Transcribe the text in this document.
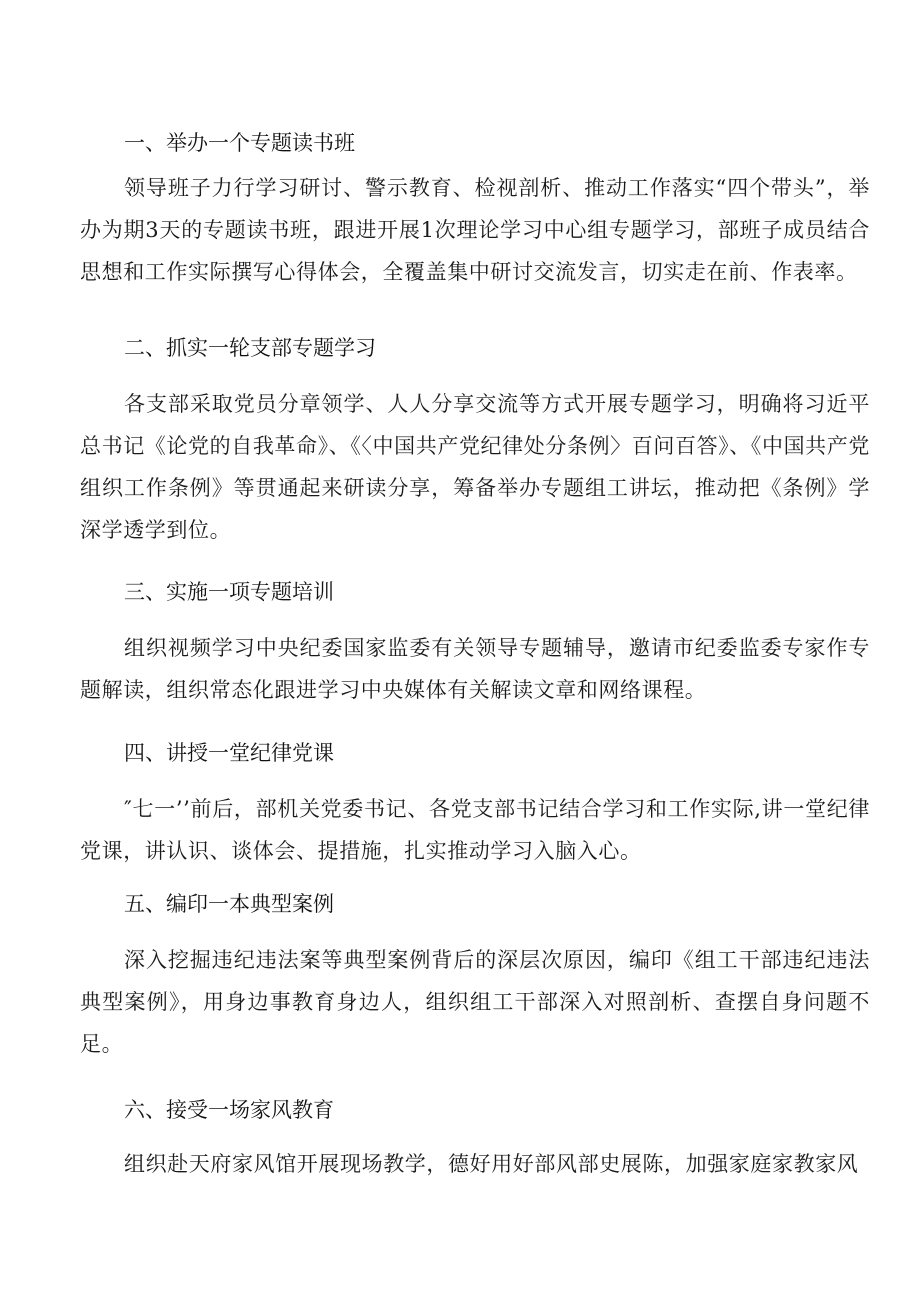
一、举办一个专题读书班

领导班子力行学习研讨、警示教育、检视剖析、推动工作落实“四个带头”，举办为期3天的专题读书班，跟进开展1次理论学习中心组专题学习，部班子成员结合思想和工作实际撰写心得体会，全覆盖集中研讨交流发言，切实走在前、作表率。

二、抓实一轮支部专题学习

各支部采取党员分章领学、人人分享交流等方式开展专题学习，明确将习近平总书记《论党的自我革命》、《〈中国共产党纪律处分条例〉百问百答》、《中国共产党组织工作条例》等贯通起来研读分享，筹备举办专题组工讲坛，推动把《条例》学深学透学到位。

三、实施一项专题培训

组织视频学习中央纪委国家监委有关领导专题辅导，邀请市纪委监委专家作专题解读，组织常态化跟进学习中央媒体有关解读文章和网络课程。

四、讲授一堂纪律党课

″七一’’前后，部机关党委书记、各党支部书记结合学习和工作实际,讲一堂纪律党课，讲认识、谈体会、提措施，扎实推动学习入脑入心。

五、编印一本典型案例

深入挖掘违纪违法案等典型案例背后的深层次原因，编印《组工干部违纪违法典型案例》，用身边事教育身边人，组织组工干部深入对照剖析、查摆自身问题不足。

六、接受一场家风教育

组织赴天府家风馆开展现场教学，德好用好部风部史展陈，加强家庭家教家风
